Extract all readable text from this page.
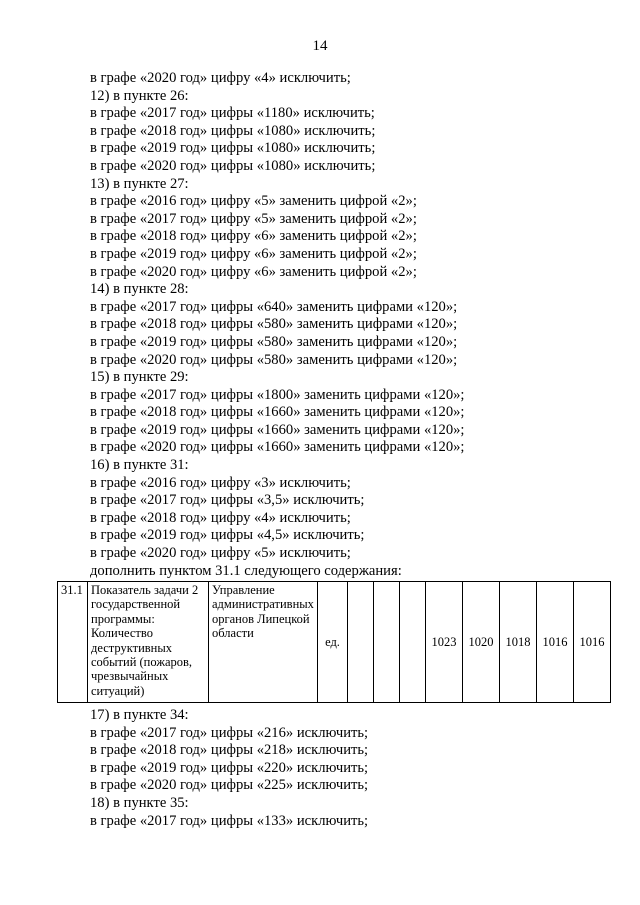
14
в графе «2020 год» цифру «4» исключить;
12) в пункте 26:
в графе «2017 год» цифры «1180» исключить;
в графе «2018 год» цифры «1080» исключить;
в графе «2019 год» цифры «1080» исключить;
в графе «2020 год» цифры «1080» исключить;
13) в пункте 27:
в графе «2016 год» цифру «5» заменить цифрой «2»;
в графе «2017 год» цифру «5» заменить цифрой «2»;
в графе «2018 год» цифру «6» заменить цифрой «2»;
в графе «2019 год» цифру «6» заменить цифрой «2»;
в графе «2020 год» цифру «6» заменить цифрой «2»;
14) в пункте 28:
в графе «2017 год» цифры «640» заменить цифрами «120»;
в графе «2018 год» цифры «580» заменить цифрами «120»;
в графе «2019 год» цифры «580» заменить цифрами «120»;
в графе «2020 год» цифры «580» заменить цифрами «120»;
15) в пункте 29:
в графе «2017 год» цифры «1800» заменить цифрами «120»;
в графе «2018 год» цифры «1660» заменить цифрами «120»;
в графе «2019 год» цифры «1660» заменить цифрами «120»;
в графе «2020 год» цифры «1660» заменить цифрами «120»;
16) в пункте 31:
в графе «2016 год» цифру «3» исключить;
в графе «2017 год» цифры «3,5» исключить;
в графе «2018 год» цифру «4» исключить;
в графе «2019 год» цифры «4,5» исключить;
в графе «2020 год» цифру «5» исключить;
дополнить пунктом 31.1 следующего содержания:
31.1	Показатель задачи 2 государственной программы: Количество деструктивных событий (пожаров, чрезвычайных ситуаций)	Управление административных органов Липецкой области	ед.				1023	1020	1018	1016	1016
17) в пункте 34:
в графе «2017 год» цифры «216» исключить;
в графе «2018 год» цифры «218» исключить;
в графе «2019 год» цифры «220» исключить;
в графе «2020 год» цифры «225» исключить;
18) в пункте 35:
в графе «2017 год» цифры «133» исключить;
